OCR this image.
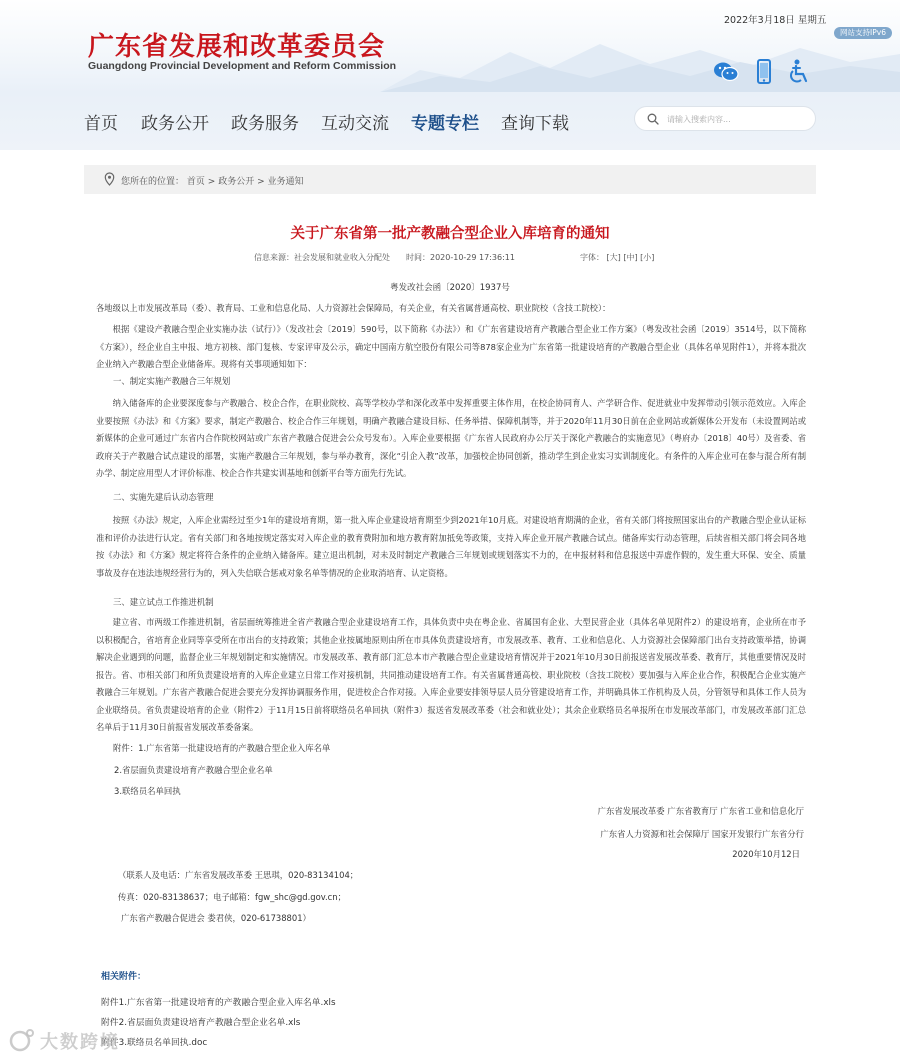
广东省发展和改革委员会
Guangdong Provincial Development and Reform Commission
2022年3月18日 星期五
网站支持IPv6
首页 政务公开 政务服务 互动交流 专题专栏 查询下载
请输入搜索内容...
您所在的位置： 首页 > 政务公开 > 业务通知
关于广东省第一批产教融合型企业入库培育的通知
信息来源：社会发展和就业收入分配处 时间：2020-10-29 17:36:11	字体： [大] [中] [小]
粤发改社会函〔2020〕1937号
各地级以上市发展改革局（委）、教育局、工业和信息化局、人力资源社会保障局，有关企业，有关省属普通高校、职业院校（含技工院校）：
根据《建设产教融合型企业实施办法（试行）》（发改社会〔2019〕590号，以下简称《办法》）和《广东省建设培育产教融合型企业工作方案》（粤发改社会函〔2019〕3514号，以下简称《方案》），经企业自主申报、地方初核、部门复核、专家评审及公示，确定中国南方航空股份有限公司等878家企业为广东省第一批建设培育的产教融合型企业（具体名单见附件1），并将本批次企业纳入产教融合型企业储备库。现将有关事项通知如下：
一、制定实施产教融合三年规划
纳入储备库的企业要深度参与产教融合、校企合作，在职业院校、高等学校办学和深化改革中发挥重要主体作用，在校企协同育人、产学研合作、促进就业中发挥带动引领示范效应。入库企业要按照《办法》和《方案》要求，制定产教融合、校企合作三年规划，明确产教融合建设目标、任务举措、保障机制等，并于2020年11月30日前在企业网站或新媒体公开发布（未设置网站或新媒体的企业可通过广东省内合作院校网站或广东省产教融合促进会公众号发布）。入库企业要根据《广东省人民政府办公厅关于深化产教融合的实施意见》（粤府办〔2018〕40号）及省委、省政府关于产教融合试点建设的部署，实施产教融合三年规划，参与举办教育，深化“引企入教”改革，加强校企协同创新，推动学生到企业实习实训制度化。有条件的入库企业可在参与混合所有制办学、制定应用型人才评价标准、校企合作共建实训基地和创新平台等方面先行先试。
二、实施先建后认动态管理
按照《办法》规定，入库企业需经过至少1年的建设培育期，第一批入库企业建设培育期至少到2021年10月底。对建设培育期满的企业，省有关部门将按照国家出台的产教融合型企业认证标准和评价办法进行认定。省有关部门和各地按规定落实对入库企业的教育费附加和地方教育附加抵免等政策，支持入库企业开展产教融合试点。储备库实行动态管理，后续省相关部门将会同各地按《办法》和《方案》规定将符合条件的企业纳入储备库。建立退出机制，对未及时制定产教融合三年规划或规划落实不力的，在申报材料和信息报送中弄虚作假的，发生重大环保、安全、质量事故及存在违法违规经营行为的，列入失信联合惩戒对象名单等情况的企业取消培育、认定资格。
三、建立试点工作推进机制
建立省、市两级工作推进机制，省层面统筹推进全省产教融合型企业建设培育工作，具体负责中央在粤企业、省属国有企业、大型民营企业（具体名单见附件2）的建设培育，企业所在市予以积极配合，省培育企业同等享受所在市出台的支持政策；其他企业按属地原则由所在市具体负责建设培育，市发展改革、教育、工业和信息化、人力资源社会保障部门出台支持政策举措，协调解决企业遇到的问题，监督企业三年规划制定和实施情况。市发展改革、教育部门汇总本市产教融合型企业建设培育情况并于2021年10月30日前报送省发展改革委、教育厅，其他重要情况及时报告。省、市相关部门和所负责建设培育的入库企业建立日常工作对接机制，共同推动建设培育工作。有关省属普通高校、职业院校（含技工院校）要加强与入库企业合作，积极配合企业实施产教融合三年规划。广东省产教融合促进会要充分发挥协调服务作用，促进校企合作对接。入库企业要安排领导层人员分管建设培育工作，并明确具体工作机构及人员，分管领导和具体工作人员为企业联络员。省负责建设培育的企业（附件2）于11月15日前将联络员名单回执（附件3）报送省发展改革委（社会和就业处）；其余企业联络员名单报所在市发展改革部门，市发展改革部门汇总名单后于11月30日前报省发展改革委备案。
附件：1.广东省第一批建设培育的产教融合型企业入库名单
2.省层面负责建设培育产教融合型企业名单
3.联络员名单回执
广东省发展改革委 广东省教育厅 广东省工业和信息化厅
广东省人力资源和社会保障厅 国家开发银行广东省分行
2020年10月12日
（联系人及电话：广东省发展改革委 王思琪，020-83134104；
传真：020-83138637；电子邮箱：fgw_shc@gd.gov.cn；
广东省产教融合促进会 娄君侠，020-61738801）
相关附件：
附件1.广东省第一批建设培育的产教融合型企业入库名单.xls
附件2.省层面负责建设培育产教融合型企业名单.xls
附件3.联络员名单回执.doc
大数跨境
